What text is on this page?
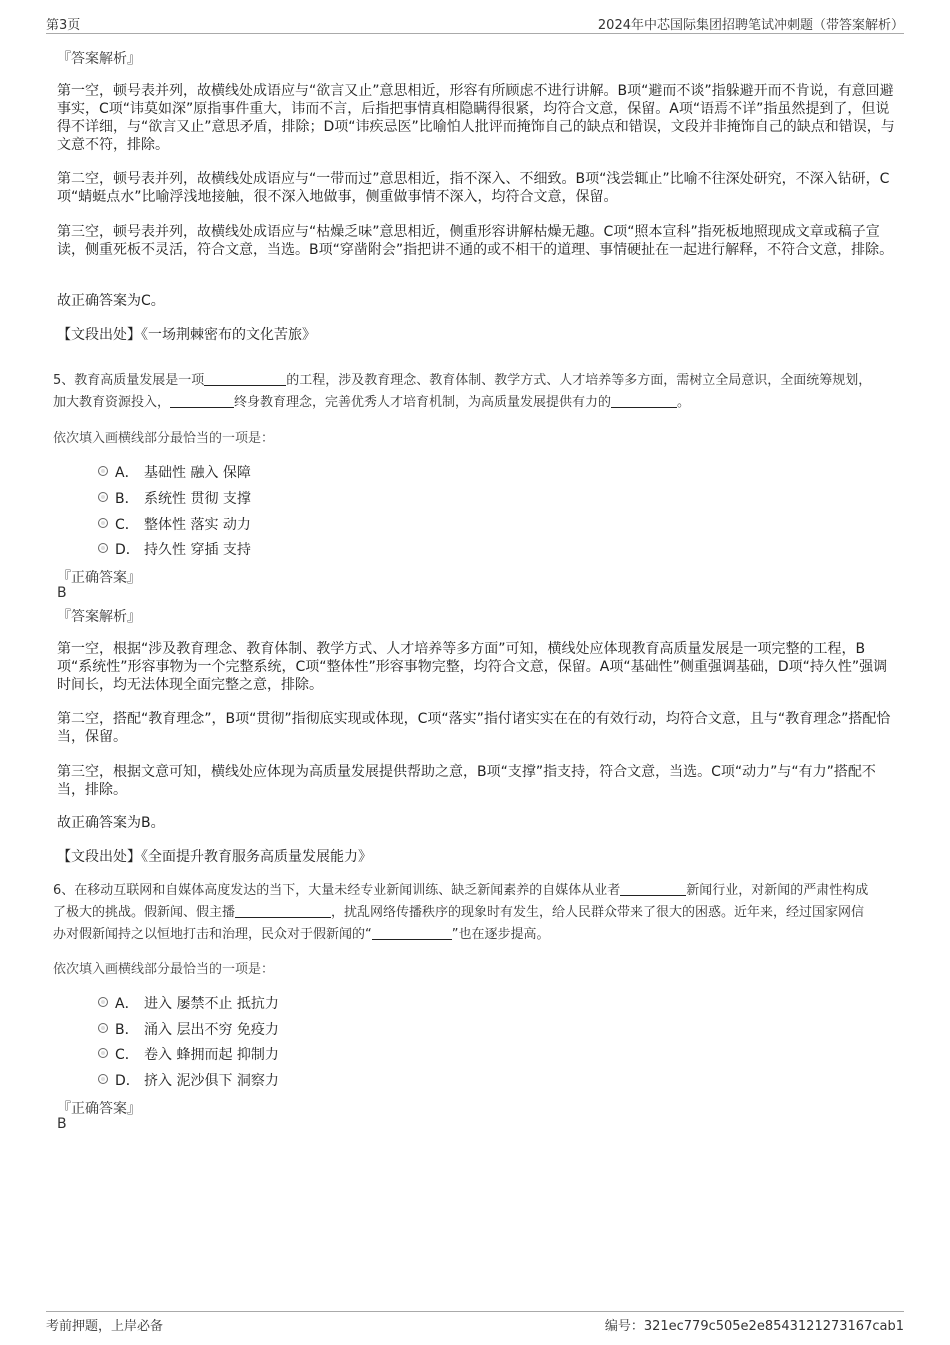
第3页	2024年中芯国际集团招聘笔试冲刺题（带答案解析）
『答案解析』
第一空，顿号表并列，故横线处成语应与“欲言又止”意思相近，形容有所顾虑不进行讲解。B项“避而不谈”指躲避开而不肯说，有意回避事实，C项“讳莫如深”原指事件重大，讳而不言，后指把事情真相隐瞒得很紧，均符合文意，保留。A项“语焉不详”指虽然提到了，但说得不详细，与“欲言又止”意思矛盾，排除；D项“讳疾忌医”比喻怕人批评而掩饰自己的缺点和错误，文段并非掩饰自己的缺点和错误，与文意不符，排除。
第二空，顿号表并列，故横线处成语应与“一带而过”意思相近，指不深入、不细致。B项“浅尝辄止”比喻不往深处研究，不深入钻研，C项“蜻蜓点水”比喻浮浅地接触，很不深入地做事，侧重做事情不深入，均符合文意，保留。
第三空，顿号表并列，故横线处成语应与“枯燥乏味”意思相近，侧重形容讲解枯燥无趣。C项“照本宣科”指死板地照现成文章或稿子宣读，侧重死板不灵活，符合文意，当选。B项“穿凿附会”指把讲不通的或不相干的道理、事情硬扯在一起进行解释，不符合文意，排除。
故正确答案为C。
【文段出处】《一场荆棘密布的文化苦旅》
5、教育高质量发展是一项	的工程，涉及教育理念、教育体制、教学方式、人才培养等多方面，需树立全局意识，全面统筹规划，
加大教育资源投入，	终身教育理念，完善优秀人才培育机制，为高质量发展提供有力的	。
依次填入画横线部分最恰当的一项是：
A． 基础性 融入 保障
B． 系统性 贯彻 支撑
C． 整体性 落实 动力
D． 持久性 穿插 支持
『正确答案』
B
『答案解析』
第一空，根据“涉及教育理念、教育体制、教学方式、人才培养等多方面”可知，横线处应体现教育高质量发展是一项完整的工程，B项“系统性”形容事物为一个完整系统，C项“整体性”形容事物完整，均符合文意，保留。A项“基础性”侧重强调基础，D项“持久性”强调时间长，均无法体现全面完整之意，排除。
第二空，搭配“教育理念”，B项“贯彻”指彻底实现或体现，C项“落实”指付诸实实在在的有效行动，均符合文意，且与“教育理念”搭配恰当，保留。
第三空，根据文意可知，横线处应体现为高质量发展提供帮助之意，B项“支撑”指支持，符合文意，当选。C项“动力”与“有力”搭配不当，排除。
故正确答案为B。
【文段出处】《全面提升教育服务高质量发展能力》
6、在移动互联网和自媒体高度发达的当下，大量未经专业新闻训练、缺乏新闻素养的自媒体从业者	新闻行业，对新闻的严肃性构成
了极大的挑战。假新闻、假主播	，扰乱网络传播秩序的现象时有发生，给人民群众带来了很大的困惑。近年来，经过国家网信
办对假新闻持之以恒地打击和治理，民众对于假新闻的“	”也在逐步提高。
依次填入画横线部分最恰当的一项是：
A． 进入 屡禁不止 抵抗力
B． 涌入 层出不穷 免疫力
C． 卷入 蜂拥而起 抑制力
D． 挤入 泥沙俱下 洞察力
『正确答案』
B
考前押题，上岸必备	编号：321ec779c505e2e8543121273167cab1
